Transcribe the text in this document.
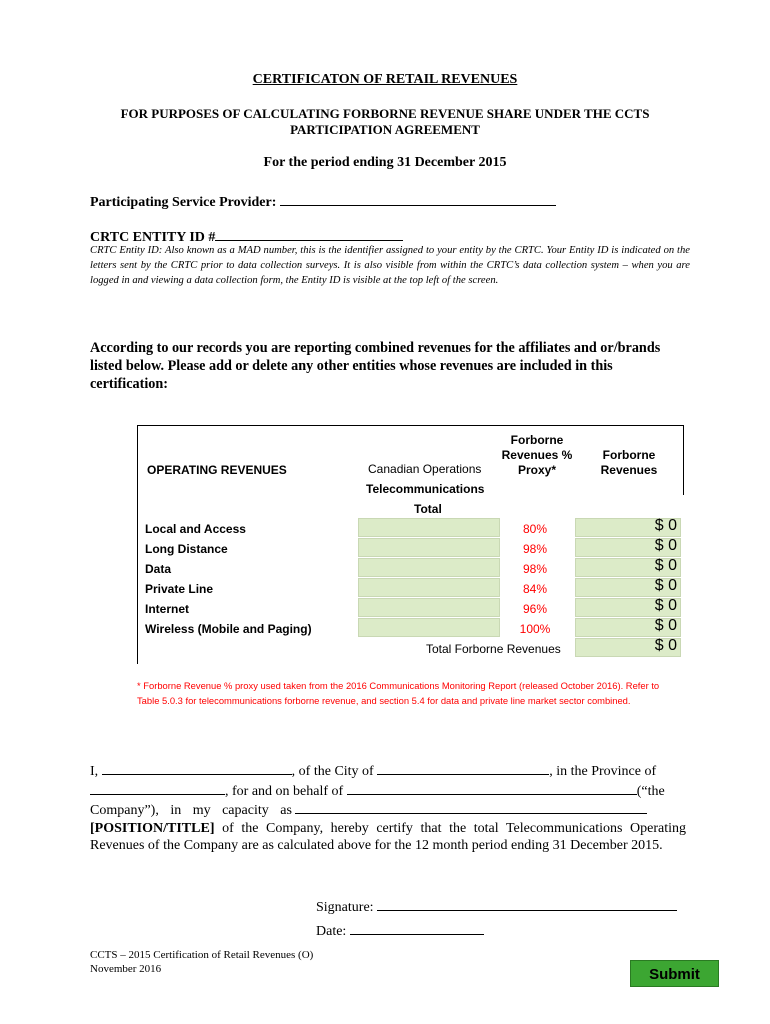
CERTIFICATON OF RETAIL REVENUES
FOR PURPOSES OF CALCULATING FORBORNE REVENUE SHARE UNDER THE CCTS PARTICIPATION AGREEMENT
For the period ending 31 December 2015
Participating Service Provider:
CRTC ENTITY ID #
CRTC Entity ID: Also known as a MAD number, this is the identifier assigned to your entity by the CRTC. Your Entity ID is indicated on the letters sent by the CRTC prior to data collection surveys. It is also visible from within the CRTC’s data collection system – when you are logged in and viewing a data collection form, the Entity ID is visible at the top left of the screen.
According to our records you are reporting combined revenues for the affiliates and or/brands listed below. Please add or delete any other entities whose revenues are included in this certification:
OPERATING REVENUES	Canadian Operations
Telecommunications
Total
Forborne Revenues % Proxy*
Forborne Revenues
Local and Access	80%	$ 0
Long Distance	98%	$ 0
Data	98%	$ 0
Private Line	84%	$ 0
Internet	96%	$ 0
Wireless (Mobile and Paging)	100%	$ 0
Total Forborne Revenues	$ 0
* Forborne Revenue % proxy used taken from the 2016 Communications Monitoring Report (released October 2016). Refer to Table 5.0.3 for telecommunications forborne revenue, and section 5.4 for data and private line market sector combined.
I,	, of the City of	, in the Province of
, for and on behalf of	(“the
Company”), in my capacity as
[POSITION/TITLE] of the Company, hereby certify that the total Telecommunications Operating Revenues of the Company are as calculated above for the 12 month period ending 31 December 2015.
Signature:
Date:
CCTS – 2015 Certification of Retail Revenues (O)
November 2016	Submit
